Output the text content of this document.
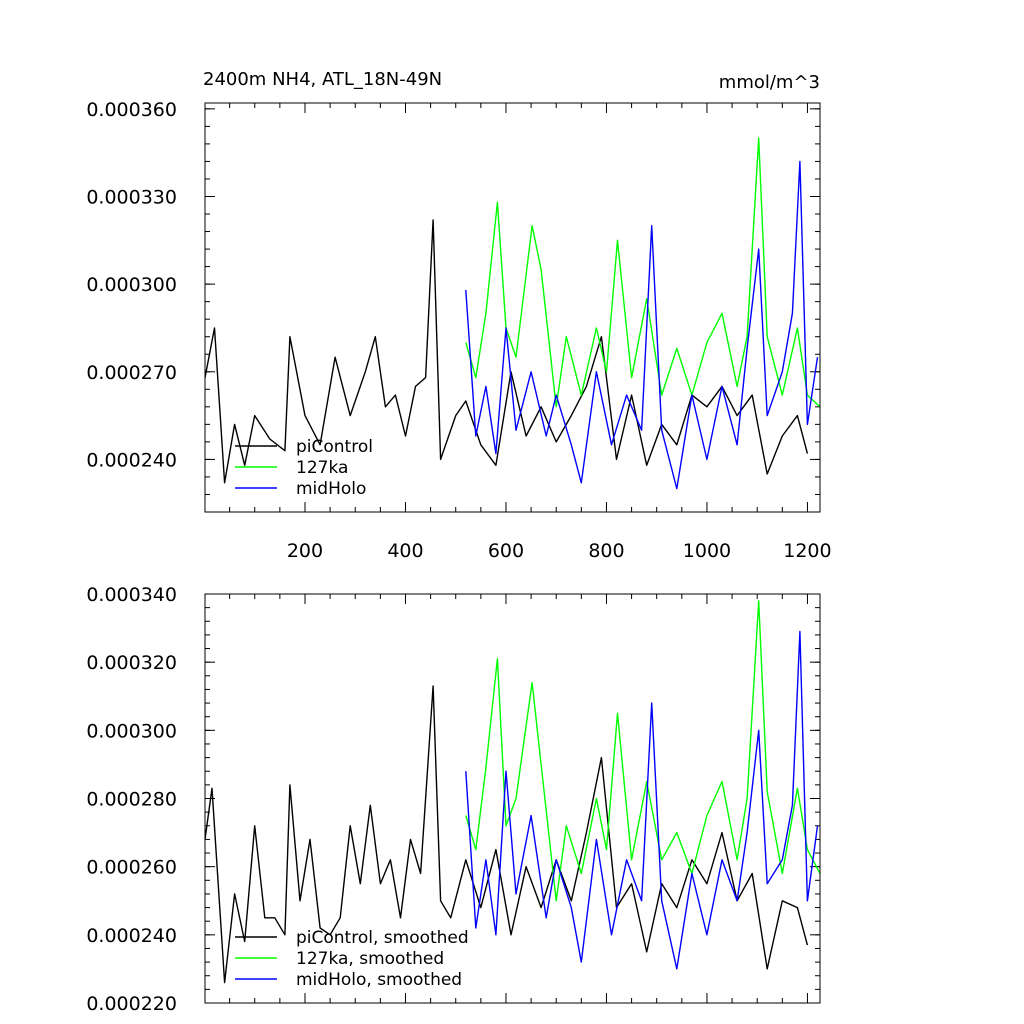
2400m NH4, ATL_18N-49N	mmol/m^3
200	400	600	800	1000	1200
0.000240
0.000270
0.000300
0.000330
0.000360
piControl
127ka
midHolo
0.000220
0.000240
0.000260
0.000280
0.000300
0.000320
0.000340
piControl, smoothed
127ka, smoothed
midHolo, smoothed
